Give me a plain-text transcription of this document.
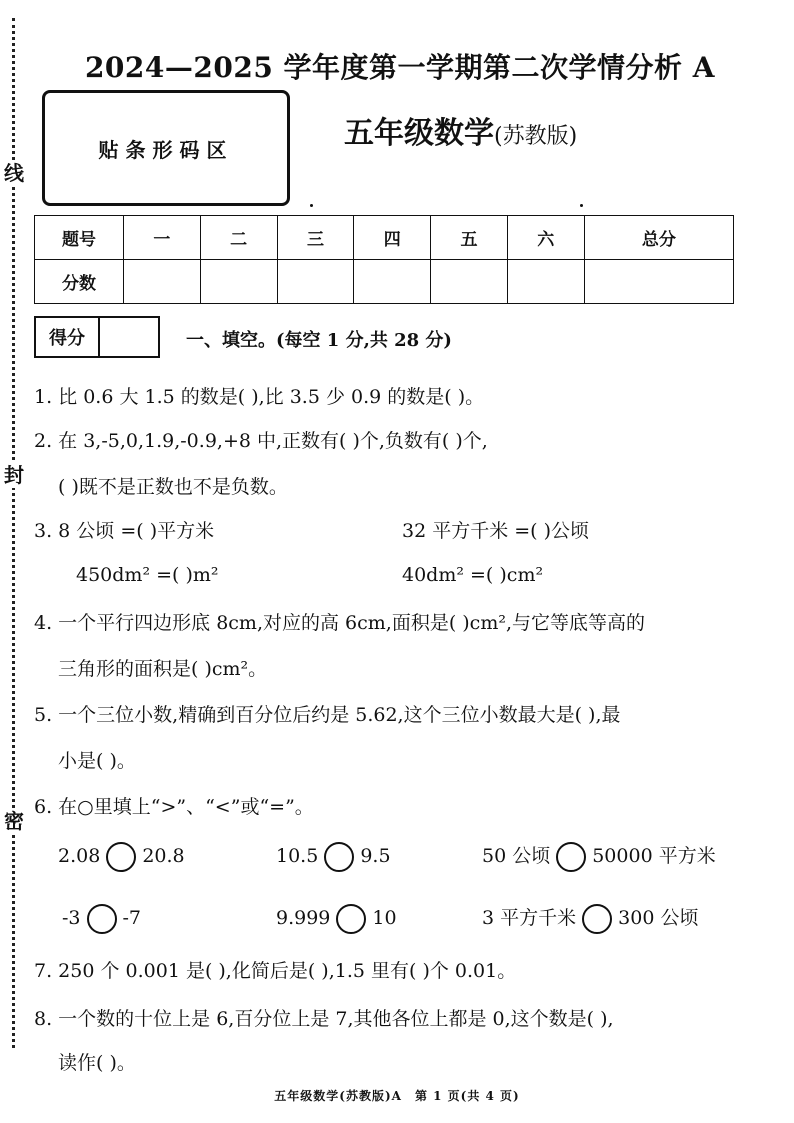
线
封
密
2024—2025 学年度第一学期第二次学情分析 A
贴条形码区	五年级数学(苏教版)
题号	一	二	三	四	五	六	总分
分数							
得分	一、填空。(每空 1 分,共 28 分)
1. 比 0.6 大 1.5 的数是( ),比 3.5 少 0.9 的数是( )。
2. 在 3,-5,0,1.9,-0.9,+8 中,正数有( )个,负数有( )个,
( )既不是正数也不是负数。
3. 8 公顷 =( )平方米	32 平方千米 =( )公顷
450dm² =( )m²	40dm² =( )cm²
4. 一个平行四边形底 8cm,对应的高 6cm,面积是( )cm²,与它等底等高的
三角形的面积是( )cm²。
5. 一个三位小数,精确到百分位后约是 5.62,这个三位小数最大是( ),最
小是( )。
6. 在○里填上“>”、“<”或“=”。
2.08 20.8	10.5 9.5	50 公顷 50000 平方米
-3 -7	9.999 10	3 平方千米 300 公顷
7. 250 个 0.001 是( ),化简后是( ),1.5 里有( )个 0.01。
8. 一个数的十位上是 6,百分位上是 7,其他各位上都是 0,这个数是( ),
读作( )。
五年级数学(苏教版)A　第 1 页(共 4 页)
